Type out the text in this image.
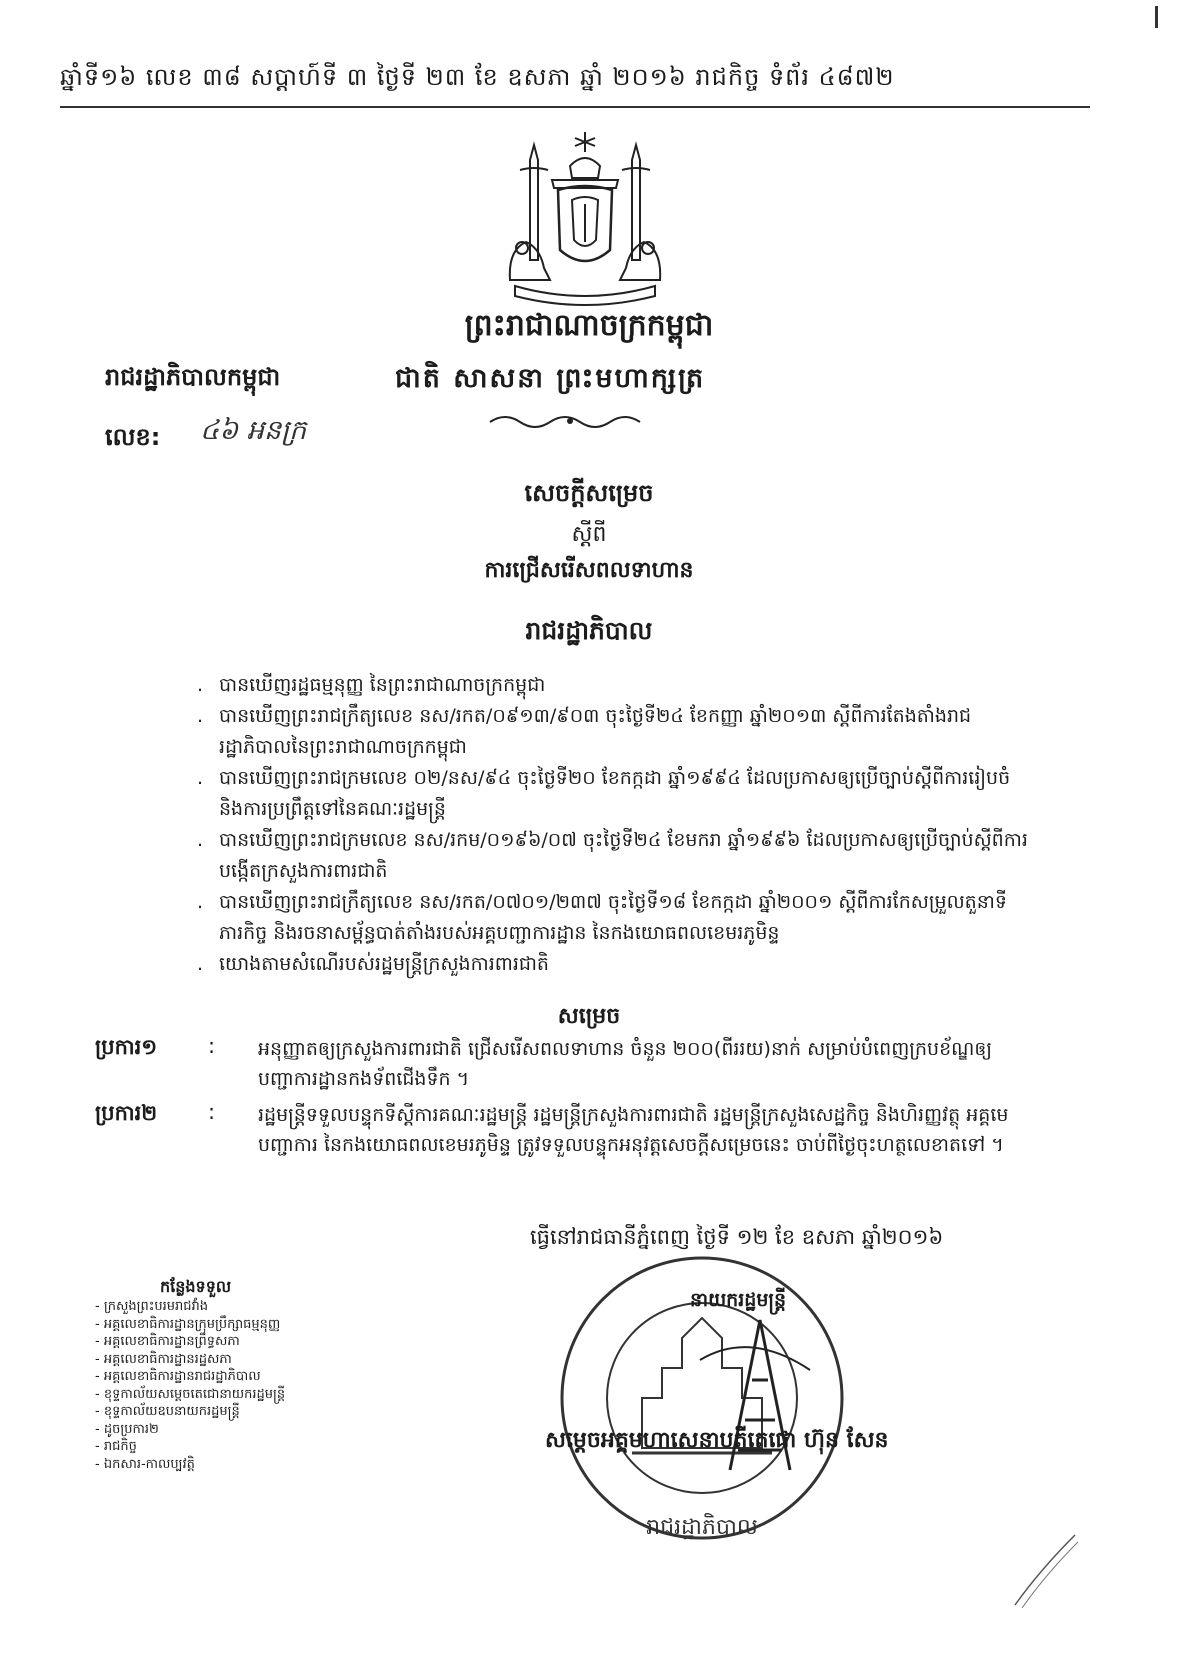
ឆ្នាំទី១៦ លេខ ៣៨ សប្តាហ៍ទី ៣ ថ្ងៃទី ២៣ ខែ ឧសភា ឆ្នាំ ២០១៦ រាជកិច្ច ទំព័រ ៤៨៧២
ព្រះរាជាណាចក្រកម្ពុជា
រាជរដ្ឋាភិបាលកម្ពុជា	ជាតិ សាសនា ព្រះមហាក្សត្រ
លេខ: ៤៦ អនក្រ
សេចក្តីសម្រេច
ស្តីពី
ការជ្រើសរើសពលទាហាន
រាជរដ្ឋាភិបាល
. បានឃើញរដ្ឋធម្មនុញ្ញ នៃព្រះរាជាណាចក្រកម្ពុជា
. បានឃើញព្រះរាជក្រឹត្យលេខ នស/រកត/០៩១៣/៩០៣ ចុះថ្ងៃទី២៤ ខែកញ្ញា ឆ្នាំ២០១៣ ស្តីពីការតែងតាំងរាជរដ្ឋាភិបាលនៃព្រះរាជាណាចក្រកម្ពុជា
. បានឃើញព្រះរាជក្រមលេខ ០២/នស/៩៤ ចុះថ្ងៃទី២០ ខែកក្កដា ឆ្នាំ១៩៩៤ ដែលប្រកាសឲ្យប្រើច្បាប់ស្តីពីការរៀបចំ និងការប្រព្រឹត្តទៅនៃគណៈរដ្ឋមន្ត្រី
. បានឃើញព្រះរាជក្រមលេខ នស/រកម/០១៩៦/០៧ ចុះថ្ងៃទី២៤ ខែមករា ឆ្នាំ១៩៩៦ ដែលប្រកាសឲ្យប្រើច្បាប់ស្តីពីការបង្កើតក្រសួងការពារជាតិ
. បានឃើញព្រះរាជក្រឹត្យលេខ នស/រកត/០៧០១/២៣៧ ចុះថ្ងៃទី១៨ ខែកក្កដា ឆ្នាំ២០០១ ស្តីពីការកែសម្រួលតួនាទីភារកិច្ច និងរចនាសម្ព័ន្ធបាត់តាំងរបស់អគ្គបញ្ជាការដ្ឋាន នៃកងយោធពលខេមរភូមិន្ទ
. យោងតាមសំណើរបស់រដ្ឋមន្ត្រីក្រសួងការពារជាតិ
សម្រេច
ប្រការ១ : អនុញ្ញាតឲ្យក្រសួងការពារជាតិ ជ្រើសរើសពលទាហាន ចំនួន ២០០(ពីររយ)នាក់ សម្រាប់បំពេញក្របខ័ណ្ឌឲ្យបញ្ជាការដ្ឋានកងទ័ពជើងទឹក ។
ប្រការ២ : រដ្ឋមន្ត្រីទទួលបន្ទុកទីស្តីការគណៈរដ្ឋមន្ត្រី រដ្ឋមន្ត្រីក្រសួងការពារជាតិ រដ្ឋមន្ត្រីក្រសួងសេដ្ឋកិច្ច និងហិរញ្ញវត្ថុ អគ្គមេបញ្ជាការ នៃកងយោធពលខេមរភូមិន្ទ ត្រូវទទួលបន្ទុកអនុវត្តសេចក្តីសម្រេចនេះ ចាប់ពីថ្ងៃចុះហត្ថលេខាតទៅ ។
ធ្វើនៅរាជធានីភ្នំពេញ ថ្ងៃទី ១២ ខែ ឧសភា ឆ្នាំ២០១៦
រាជរដ្ឋាភិបាល
នាយករដ្ឋមន្ត្រី
សម្តេចអគ្គមហាសេនាបតីតេជោ ហ៊ុន សែន
កន្លែងទទួល
- ក្រសួងព្រះបរមរាជវាំង
- អគ្គលេខាធិការដ្ឋានក្រុមប្រឹក្សាធម្មនុញ្ញ
- អគ្គលេខាធិការដ្ឋានព្រឹទ្ធសភា
- អគ្គលេខាធិការដ្ឋានរដ្ឋសភា
- អគ្គលេខាធិការដ្ឋានរាជរដ្ឋាភិបាល
- ខុទ្ទកាល័យសម្តេចតេជោនាយករដ្ឋមន្ត្រី
- ខុទ្ទកាល័យឧបនាយករដ្ឋមន្ត្រី
- ដូចប្រការ២
- រាជកិច្ច
- ឯកសារ-កាលប្បវត្តិ
